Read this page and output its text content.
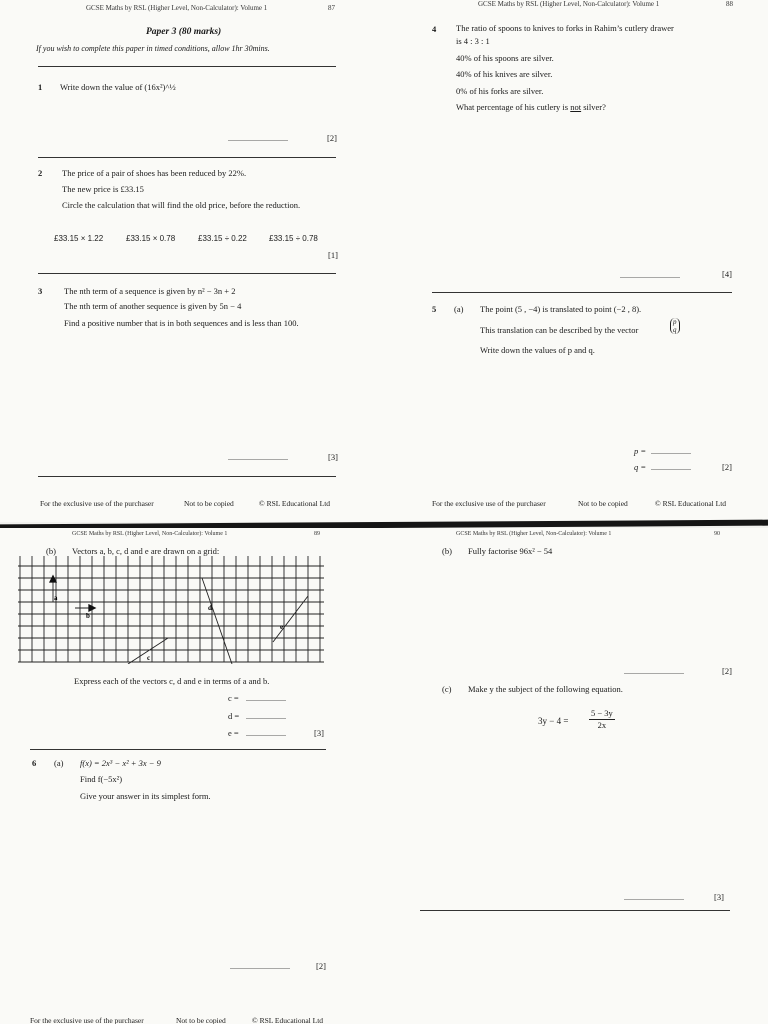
GCSE Maths by RSL (Higher Level, Non-Calculator): Volume 1	87
Paper 3 (80 marks)
If you wish to complete this paper in timed conditions, allow 1hr 30mins.
1 Write down the value of (16x²)^½
..............................	[2]
2 The price of a pair of shoes has been reduced by 22%.
The new price is £33.15
Circle the calculation that will find the old price, before the reduction.
£33.15 × 1.22	£33.15 × 0.78	£33.15 ÷ 0.22	£33.15 ÷ 0.78
[1]
3	The nth term of a sequence is given by n² − 3n + 2
The nth term of another sequence is given by 5n − 4
Find a positive number that is in both sequences and is less than 100.
..............................	[3]
For the exclusive use of the purchaser	Not to be copied	© RSL Educational Ltd
GCSE Maths by RSL (Higher Level, Non-Calculator): Volume 1	88
4 The ratio of spoons to knives to forks in Rahim’s cutlery drawer
is 4 : 3 : 1
40% of his spoons are silver.
40% of his knives are silver.
0% of his forks are silver.
What percentage of his cutlery is not silver?
..............................	[4]
5 (a) The point (5 , −4) is translated to point (−2 , 8).
This translation can be described by the vector
p
q
Write down the values of p and q.
p = ....................
q = ....................	[2]
For the exclusive use of the purchaser	Not to be copied	© RSL Educational Ltd
GCSE Maths by RSL (Higher Level, Non-Calculator): Volume 1	89
(b) Vectors a, b, c, d and e are drawn on a grid:
a
b
c
d
e
Express each of the vectors c, d and e in terms of a and b.
c = ....................
d = ....................
e = ....................	[3]
6 (a) f(x) = 2x³ − x² + 3x − 9
Find f(−5x²)
Give your answer in its simplest form.
..............................	[2]
For the exclusive use of the purchaser	Not to be copied	© RSL Educational Ltd
GCSE Maths by RSL (Higher Level, Non-Calculator): Volume 1	90
(b) Fully factorise 96x² − 54
..............................	[2]
(c) Make y the subject of the following equation.
$3y - 4 = \frac{5 - 3y}{2x}$
..............................	[3]
